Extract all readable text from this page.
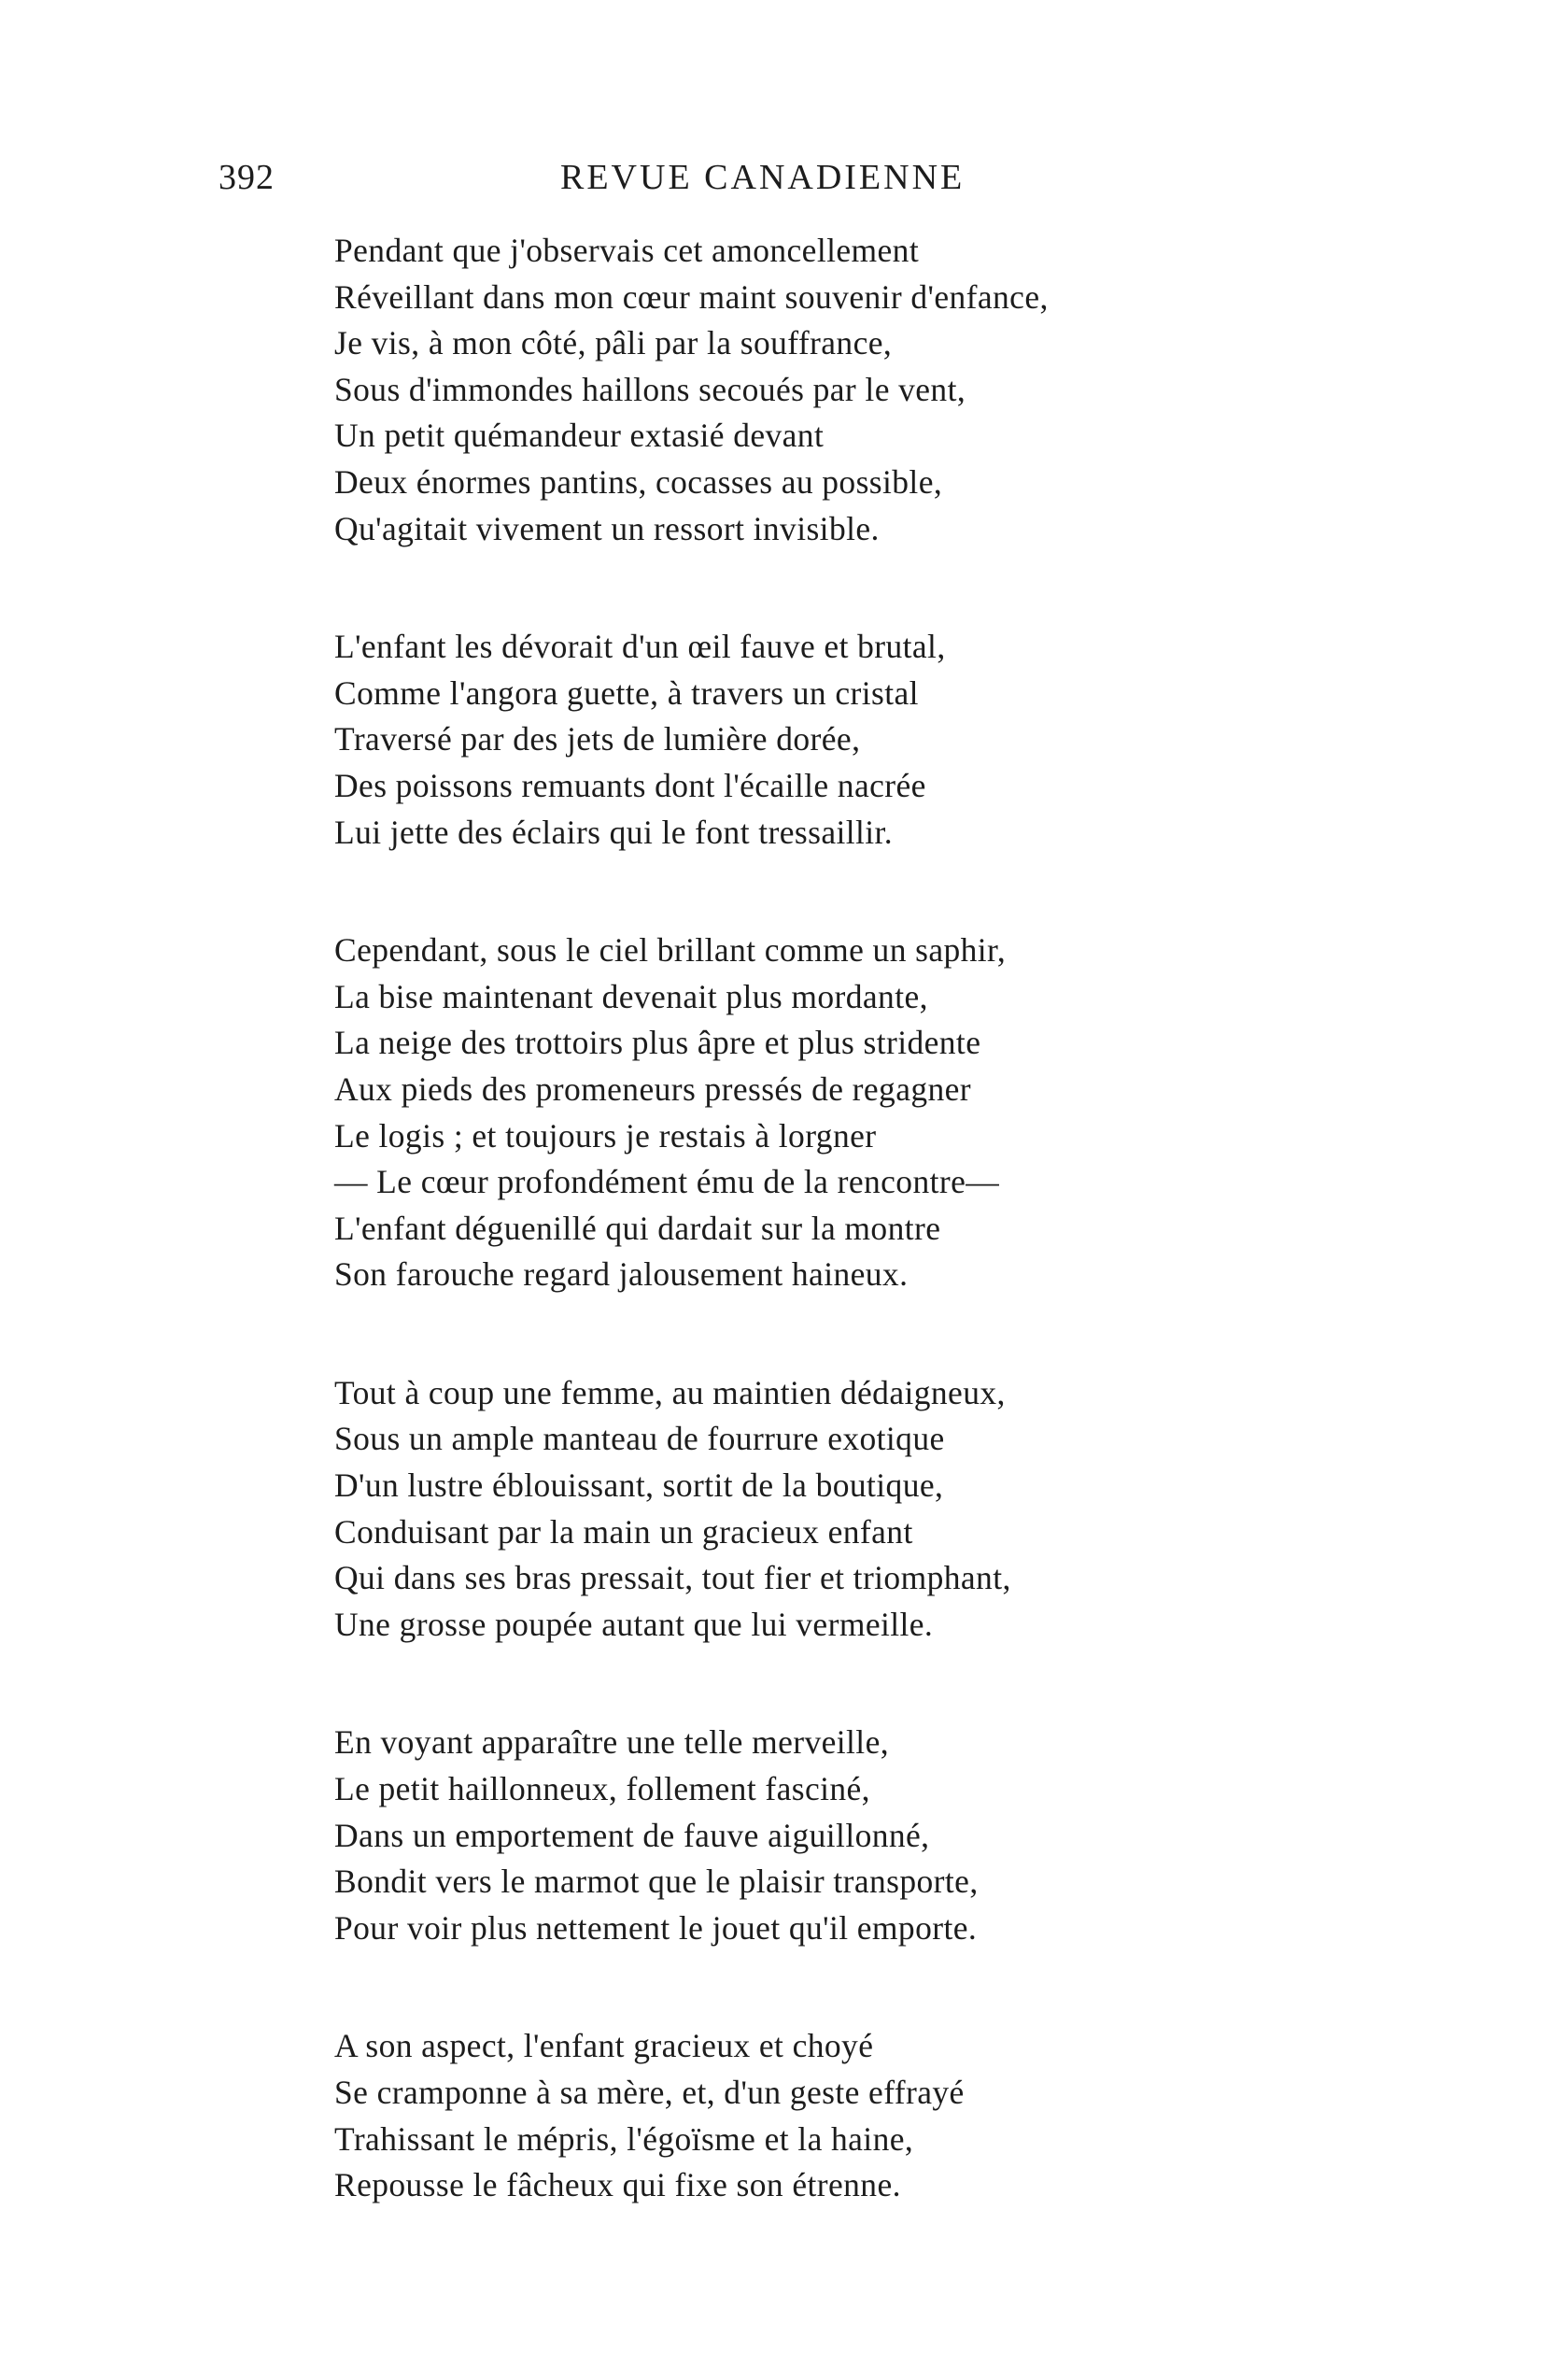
392	REVUE CANADIENNE
Pendant que j'observais cet amoncellement
Réveillant dans mon cœur maint souvenir d'enfance,
Je vis, à mon côté, pâli par la souffrance,
Sous d'immondes haillons secoués par le vent,
Un petit quémandeur extasié devant
Deux énormes pantins, cocasses au possible,
Qu'agitait vivement un ressort invisible.
L'enfant les dévorait d'un œil fauve et brutal,
Comme l'angora guette, à travers un cristal
Traversé par des jets de lumière dorée,
Des poissons remuants dont l'écaille nacrée
Lui jette des éclairs qui le font tressaillir.
Cependant, sous le ciel brillant comme un saphir,
La bise maintenant devenait plus mordante,
La neige des trottoirs plus âpre et plus stridente
Aux pieds des promeneurs pressés de regagner
Le logis ; et toujours je restais à lorgner
— Le cœur profondément ému de la rencontre—
L'enfant déguenillé qui dardait sur la montre
Son farouche regard jalousement haineux.
Tout à coup une femme, au maintien dédaigneux,
Sous un ample manteau de fourrure exotique
D'un lustre éblouissant, sortit de la boutique,
Conduisant par la main un gracieux enfant
Qui dans ses bras pressait, tout fier et triomphant,
Une grosse poupée autant que lui vermeille.
En voyant apparaître une telle merveille,
Le petit haillonneux, follement fasciné,
Dans un emportement de fauve aiguillonné,
Bondit vers le marmot que le plaisir transporte,
Pour voir plus nettement le jouet qu'il emporte.
A son aspect, l'enfant gracieux et choyé
Se cramponne à sa mère, et, d'un geste effrayé
Trahissant le mépris, l'égoïsme et la haine,
Repousse le fâcheux qui fixe son étrenne.
